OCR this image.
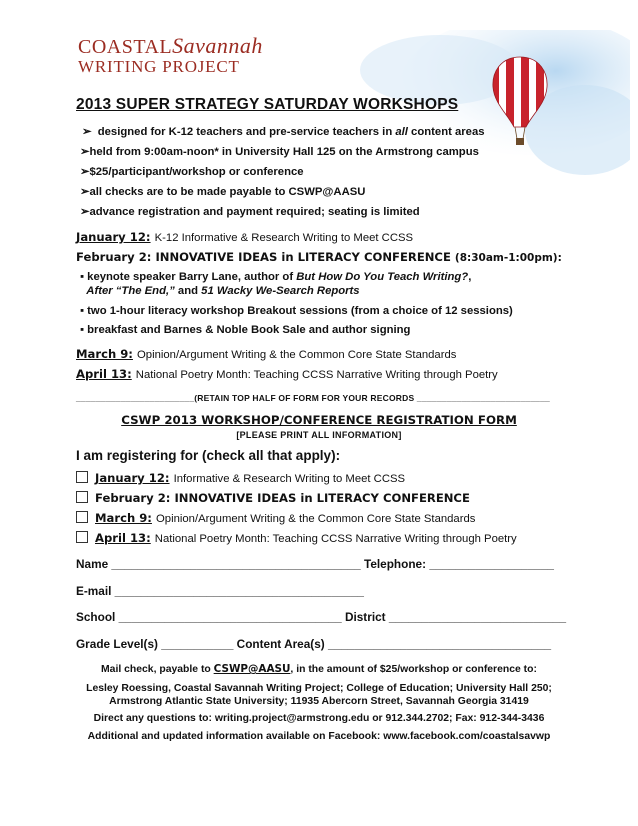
COASTALSavannah
WRITING PROJECT
2013 SUPER STRATEGY SATURDAY WORKSHOPS
➢ designed for K-12 teachers and pre-service teachers in all content areas
➢held from 9:00am-noon* in University Hall 125 on the Armstrong campus
➢$25/participant/workshop or conference
➢all checks are to be made payable to CSWP@AASU
➢advance registration and payment required; seating is limited
January 12: K-12 Informative & Research Writing to Meet CCSS
February 2: INNOVATIVE IDEAS in LITERACY CONFERENCE (8:30am-1:00pm):
▪ keynote speaker Barry Lane, author of But How Do You Teach Writing?,
After “The End,” and 51 Wacky We-Search Reports
▪ two 1-hour literacy workshop Breakout sessions (from a choice of 12 sessions)
▪ breakfast and Barnes & Noble Book Sale and author signing
March 9: Opinion/Argument Writing & the Common Core State Standards
April 13: National Poetry Month: Teaching CCSS Narrative Writing through Poetry
________________________(RETAIN TOP HALF OF FORM FOR YOUR RECORDS ___________________________
CSWP 2013 WORKSHOP/CONFERENCE REGISTRATION FORM
[PLEASE PRINT ALL INFORMATION]
I am registering for (check all that apply):
January 12: Informative & Research Writing to Meet CCSS
February 2: INNOVATIVE IDEAS in LITERACY CONFERENCE
March 9: Opinion/Argument Writing & the Common Core State Standards
April 13: National Poetry Month: Teaching CCSS Narrative Writing through Poetry
Name ______________________________________ Telephone: ___________________
E-mail ______________________________________
School __________________________________ District ___________________________
Grade Level(s) ___________ Content Area(s) __________________________________
Mail check, payable to CSWP@AASU, in the amount of $25/workshop or conference to:
Lesley Roessing, Coastal Savannah Writing Project; College of Education; University Hall 250;
Armstrong Atlantic State University; 11935 Abercorn Street, Savannah Georgia 31419
Direct any questions to: writing.project@armstrong.edu or 912.344.2702; Fax: 912-344-3436
Additional and updated information available on Facebook: www.facebook.com/coastalsavwp
